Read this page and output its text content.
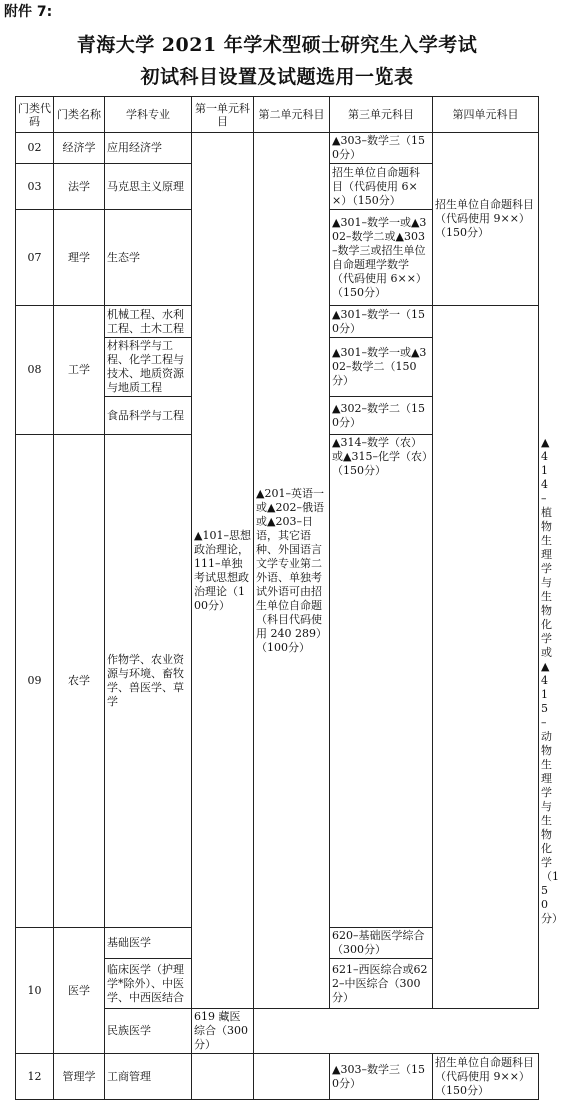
附件 7:
青海大学 2021 年学术型硕士研究生入学考试
初试科目设置及试题选用一览表
门类代码	门类名称	学科专业	第一单元科目	第二单元科目	第三单元科目	第四单元科目	
02	经济学	应用经济学	▲101–思想政治理论，111–单独考试思想政治理论（100分）	▲201–英语一或▲202–俄语或▲203–日语，其它语种、外国语言文学专业第二外语、单独考试外语可由招生单位自命题（科目代码使用 240 289）（100分）	▲303–数学三（150分）	招生单位自命题科目（代码使用 9××）（150分）	
03	法学	马克思主义原理			招生单位自命题科目（代码使用 6××）（150分）		
07	理学	生态学			▲301–数学一或▲302–数学二或▲303–数学三或招生单位自命题理学数学（代码使用 6××）（150分）		
08	工学	机械工程、水利工程、土木工程			▲301–数学一（150分）		
		材料科学与工程、化学工程与技术、地质资源与地质工程			▲301–数学一或▲302–数学二（150分）		
		食品科学与工程			▲302–数学二（150分）		
09	农学	作物学、农业资源与环境、畜牧学、兽医学、草学			▲314–数学（农）或▲315–化学（农）（150分）		▲414–植物生理学与生物化学或▲415–动物生理学与生物化学（150分）
10	医学	基础医学			620–基础医学综合（300分）		
		临床医学（护理学*除外）、中医学、中西医结合			621–西医综合或622–中医综合（300分）		
		民族医学	619 藏医综合（300分）			
12	管理学	工商管理			▲303–数学三（150分）	招生单位自命题科目（代码使用 9××）（150分）	
